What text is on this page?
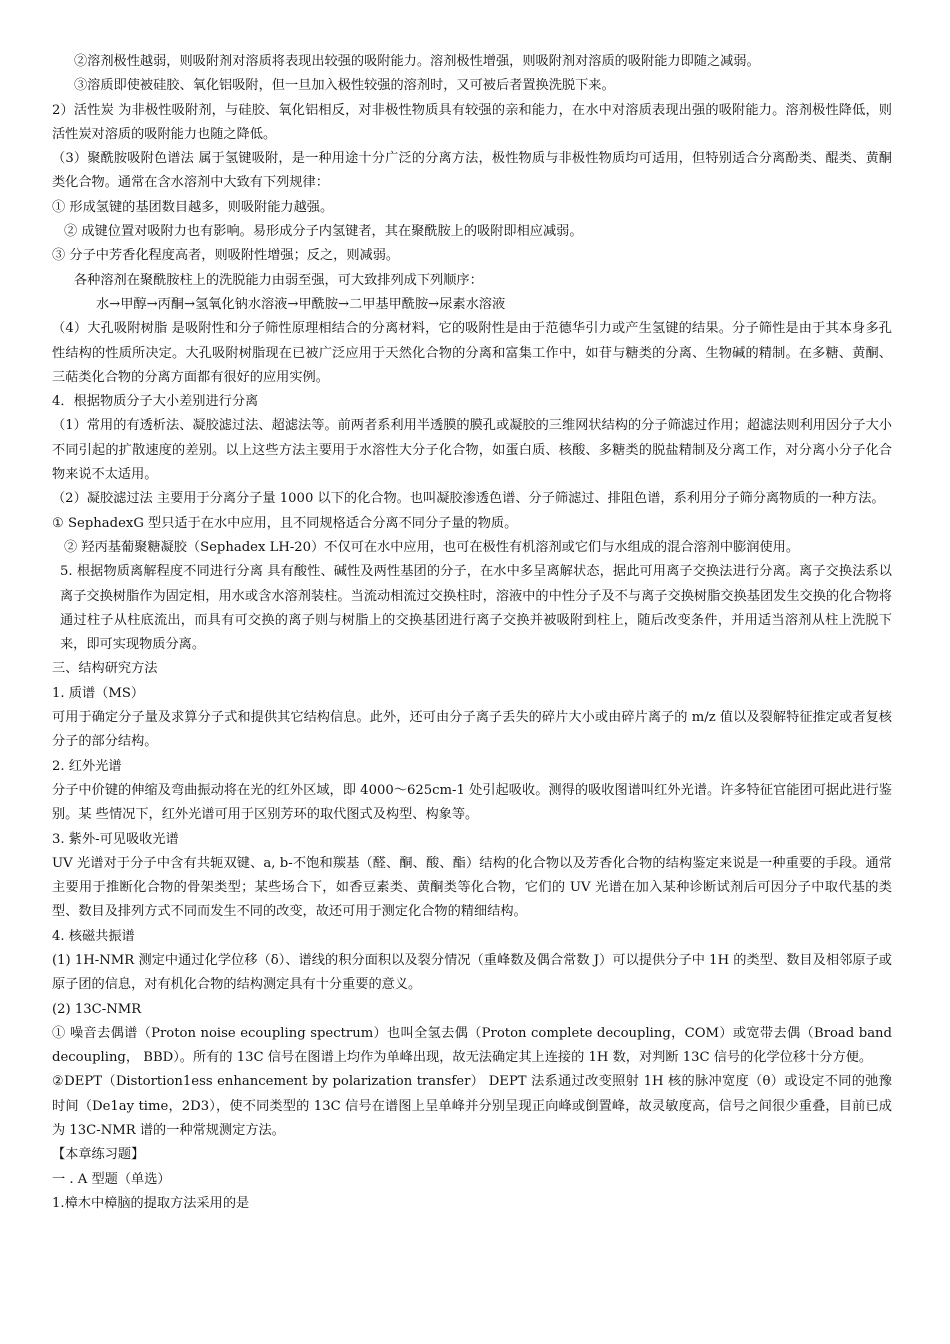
②溶剂极性越弱，则吸附剂对溶质将表现出较强的吸附能力。溶剂极性增强，则吸附剂对溶质的吸附能力即随之减弱。
③溶质即使被硅胶、氧化铝吸附，但一旦加入极性较强的溶剂时，又可被后者置换洗脱下来。
2）活性炭 为非极性吸附剂，与硅胶、氧化铝相反，对非极性物质具有较强的亲和能力，在水中对溶质表现出强的吸附能力。溶剂极性降低，则活性炭对溶质的吸附能力也随之降低。
（3）聚酰胺吸附色谱法 属于氢键吸附，是一种用途十分广泛的分离方法，极性物质与非极性物质均可适用，但特别适合分离酚类、醌类、黄酮类化合物。通常在含水溶剂中大致有下列规律：
① 形成氢键的基团数目越多，则吸附能力越强。
② 成键位置对吸附力也有影响。易形成分子内氢键者，其在聚酰胺上的吸附即相应减弱。
③ 分子中芳香化程度高者，则吸附性增强；反之，则减弱。
各种溶剂在聚酰胺柱上的洗脱能力由弱至强，可大致排列成下列顺序：
水→甲醇→丙酮→氢氧化钠水溶液→甲酰胺→二甲基甲酰胺→尿素水溶液
（4）大孔吸附树脂 是吸附性和分子筛性原理相结合的分离材料，它的吸附性是由于范德华引力或产生氢键的结果。分子筛性是由于其本身多孔性结构的性质所决定。大孔吸附树脂现在已被广泛应用于天然化合物的分离和富集工作中，如苷与糖类的分离、生物碱的精制。在多糖、黄酮、三萜类化合物的分离方面都有很好的应用实例。
4．根据物质分子大小差别进行分离
（1）常用的有透析法、凝胶滤过法、超滤法等。前两者系利用半透膜的膜孔或凝胶的三维网状结构的分子筛滤过作用；超滤法则利用因分子大小不同引起的扩散速度的差别。以上这些方法主要用于水溶性大分子化合物，如蛋白质、核酸、多糖类的脱盐精制及分离工作，对分离小分子化合物来说不太适用。
（2）凝胶滤过法 主要用于分离分子量 1000 以下的化合物。也叫凝胶渗透色谱、分子筛滤过、排阻色谱，系利用分子筛分离物质的一种方法。
① SephadexG 型只适于在水中应用，且不同规格适合分离不同分子量的物质。
② 羟丙基葡聚糖凝胶（Sephadex LH-20）不仅可在水中应用，也可在极性有机溶剂或它们与水组成的混合溶剂中膨润使用。
5. 根据物质离解程度不同进行分离 具有酸性、碱性及两性基团的分子，在水中多呈离解状态，据此可用离子交换法进行分离。离子交换法系以离子交换树脂作为固定相，用水或含水溶剂装柱。当流动相流过交换柱时，溶液中的中性分子及不与离子交换树脂交换基团发生交换的化合物将通过柱子从柱底流出，而具有可交换的离子则与树脂上的交换基团进行离子交换并被吸附到柱上，随后改变条件，并用适当溶剂从柱上洗脱下来，即可实现物质分离。
三、结构研究方法
1. 质谱（MS）
可用于确定分子量及求算分子式和提供其它结构信息。此外，还可由分子离子丢失的碎片大小或由碎片离子的 m/z 值以及裂解特征推定或者复核分子的部分结构。
2. 红外光谱
分子中价键的伸缩及弯曲振动将在光的红外区域，即 4000～625cm-1 处引起吸收。测得的吸收图谱叫红外光谱。许多特征官能团可据此进行鉴别。某 些情况下，红外光谱可用于区别芳环的取代图式及构型、构象等。
3. 紫外-可见吸收光谱
UV 光谱对于分子中含有共轭双键、a, b-不饱和羰基（醛、酮、酸、酯）结构的化合物以及芳香化合物的结构鉴定来说是一种重要的手段。通常主要用于推断化合物的骨架类型；某些场合下，如香豆素类、黄酮类等化合物，它们的 UV 光谱在加入某种诊断试剂后可因分子中取代基的类型、数目及排列方式不同而发生不同的改变，故还可用于测定化合物的精细结构。
4. 核磁共振谱
(1) 1H-NMR 测定中通过化学位移（δ）、谱线的积分面积以及裂分情况（重峰数及偶合常数 J）可以提供分子中 1H 的类型、数目及相邻原子或原子团的信息，对有机化合物的结构测定具有十分重要的意义。
(2) 13C-NMR
① 噪音去偶谱（Proton noise ecoupling spectrum）也叫全氢去偶（Proton complete decoupling，COM）或宽带去偶（Broad band decoupling， BBD）。所有的 13C 信号在图谱上均作为单峰出现，故无法确定其上连接的 1H 数，对判断 13C 信号的化学位移十分方便。
②DEPT（Distortion1ess enhancement by polarization transfer） DEPT 法系通过改变照射 1H 核的脉冲宽度（θ）或设定不同的弛豫时间（De1ay time，2D3），使不同类型的 13C 信号在谱图上呈单峰并分别呈现正向峰或倒置峰，故灵敏度高，信号之间很少重叠，目前已成为 13C-NMR 谱的一种常规测定方法。
【本章练习题】
一 . A 型题（单选）
1.樟木中樟脑的提取方法采用的是
